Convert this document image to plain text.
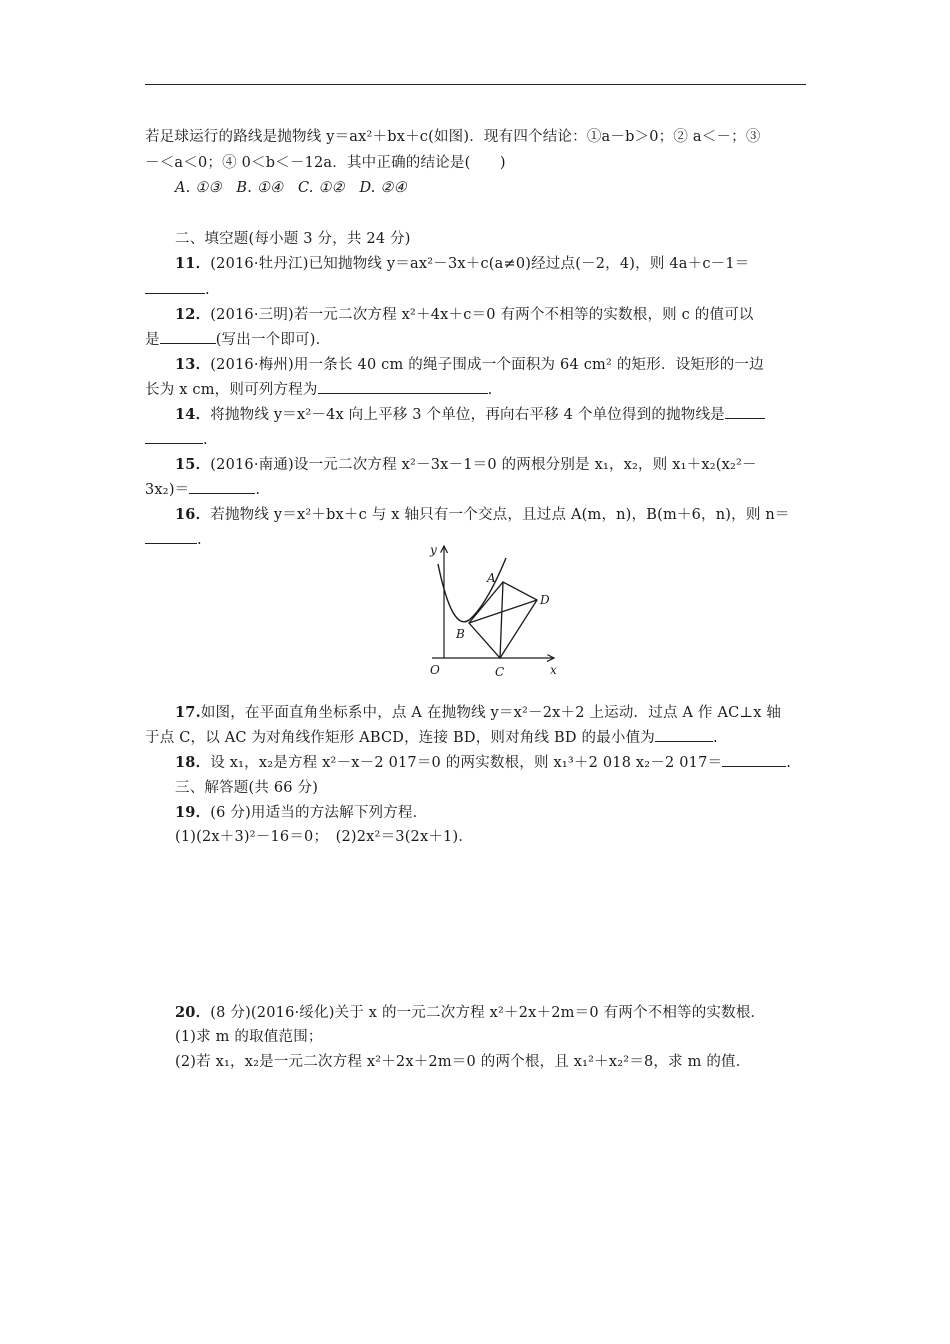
若足球运行的路线是抛物线 y＝ax²＋bx＋c(如图)．现有四个结论：①a－b＞0；② a＜－；③
－＜a＜0；④ 0＜b＜－12a．其中正确的结论是(　　)
A. ①③　B. ①④　C. ①②　D. ②④
二、填空题(每小题 3 分，共 24 分)
11．(2016·牡丹江)已知抛物线 y＝ax²－3x＋c(a≠0)经过点(－2，4)，则 4a＋c－1＝
.
12．(2016·三明)若一元二次方程 x²＋4x＋c＝0 有两个不相等的实数根，则 c 的值可以
是	(写出一个即可)．
13．(2016·梅州)用一条长 40 cm 的绳子围成一个面积为 64 cm² 的矩形．设矩形的一边
长为 x cm，则可列方程为	.
14．将抛物线 y＝x²－4x 向上平移 3 个单位，再向右平移 4 个单位得到的抛物线是
.
15．(2016·南通)设一元二次方程 x²－3x－1＝0 的两根分别是 x₁，x₂，则 x₁＋x₂(x₂²－
3x₂)＝	.
16．若抛物线 y＝x²＋bx＋c 与 x 轴只有一个交点，且过点 A(m，n)，B(m＋6，n)，则 n＝
.
y
x
O
A
B
C
D
17.如图，在平面直角坐标系中，点 A 在抛物线 y＝x²－2x＋2 上运动．过点 A 作 AC⊥x 轴
于点 C，以 AC 为对角线作矩形 ABCD，连接 BD，则对角线 BD 的最小值为	.
18．设 x₁，x₂是方程 x²－x－2 017＝0 的两实数根，则 x₁³＋2 018 x₂－2 017＝	.
三、解答题(共 66 分)
19．(6 分)用适当的方法解下列方程．
(1)(2x＋3)²－16＝0；　(2)2x²＝3(2x＋1)．
20．(8 分)(2016·绥化)关于 x 的一元二次方程 x²＋2x＋2m＝0 有两个不相等的实数根．
(1)求 m 的取值范围；
(2)若 x₁，x₂是一元二次方程 x²＋2x＋2m＝0 的两个根，且 x₁²＋x₂²＝8，求 m 的值．
